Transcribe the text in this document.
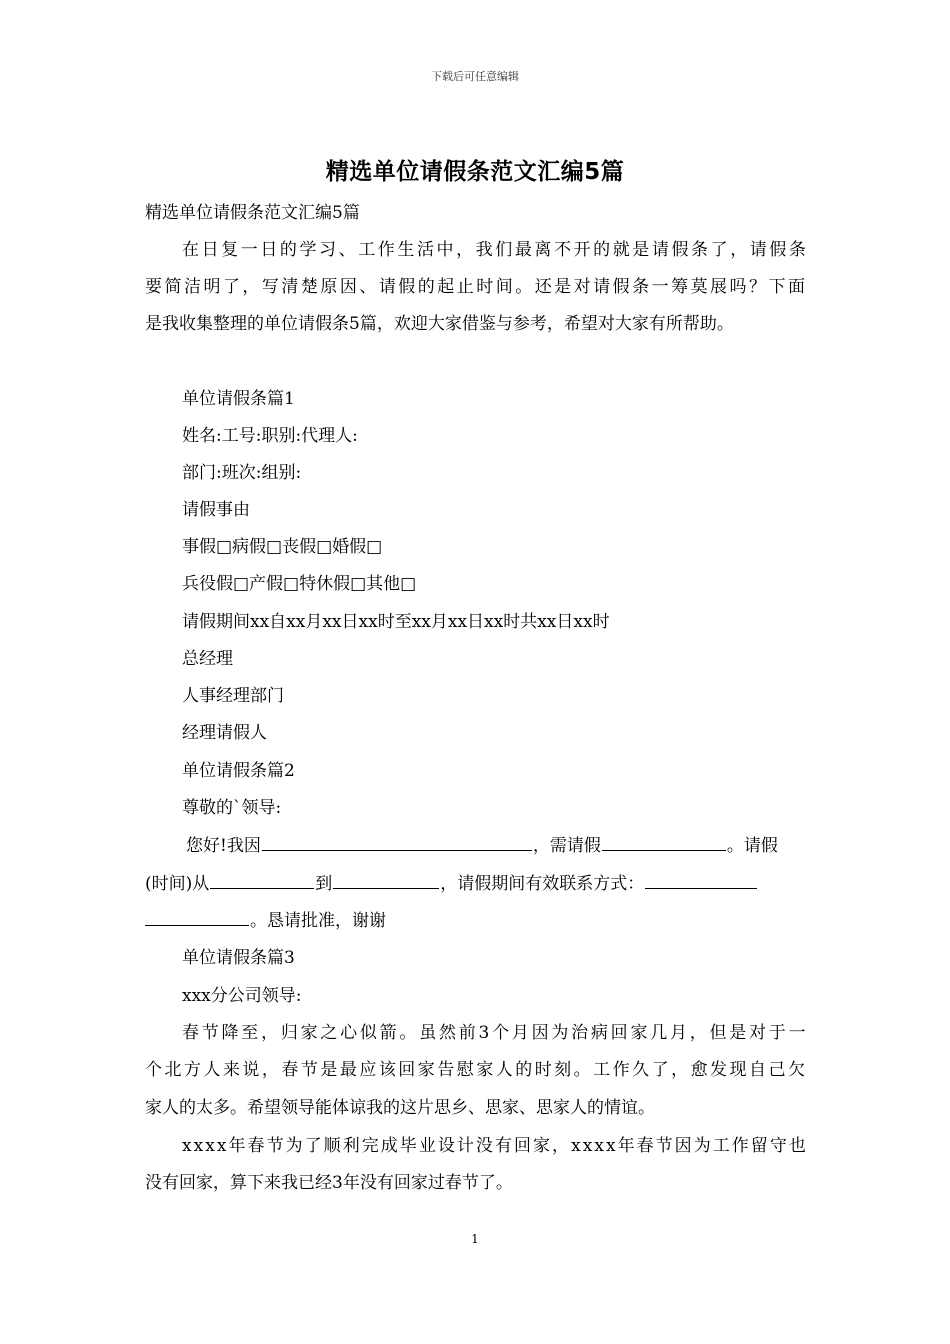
下载后可任意编辑
精选单位请假条范文汇编5篇
精选单位请假条范文汇编5篇
在 日 复 一 日 的 学 习 、 工 作 生 活 中 ， 我 们 最 离 不 开 的 就 是 请 假 条 了 ， 请 假 条
要 简 洁 明 了 ， 写 清 楚 原 因 、 请 假 的 起 止 时 间 。 还 是 对 请 假 条 一 筹 莫 展 吗 ？ 下 面
是我收集整理的单位请假条5篇，欢迎大家借鉴与参考，希望对大家有所帮助。
单位请假条篇1
姓名:工号:职别:代理人:
部门:班次:组别:
请假事由
事假□病假□丧假□婚假□
兵役假□产假□特休假□其他□
请假期间xx自xx月xx日xx时至xx月xx日xx时共xx日xx时
总经理
人事经理部门
经理请假人
单位请假条篇2
尊敬的`领导:
您好!我因	，需请假	。请假
(时间)从	到	，请假期间有效联系方式：
。恳请批准，谢谢
单位请假条篇3
xxx分公司领导:
春 节 降 至 ， 归 家 之 心 似 箭 。 虽 然 前 3 个 月 因 为 治 病 回 家 几 月 ， 但 是 对 于 一
个 北 方 人 来 说 ， 春 节 是 最 应 该 回 家 告 慰 家 人 的 时 刻 。 工 作 久 了 ， 愈 发 现 自 己 欠
家人的太多。希望领导能体谅我的这片思乡、思家、思家人的情谊。
x x x x 年 春 节 为 了 顺 利 完 成 毕 业 设 计 没 有 回 家 ， x x x x 年 春 节 因 为 工 作 留 守 也
没有回家，算下来我已经3年没有回家过春节了。
1
